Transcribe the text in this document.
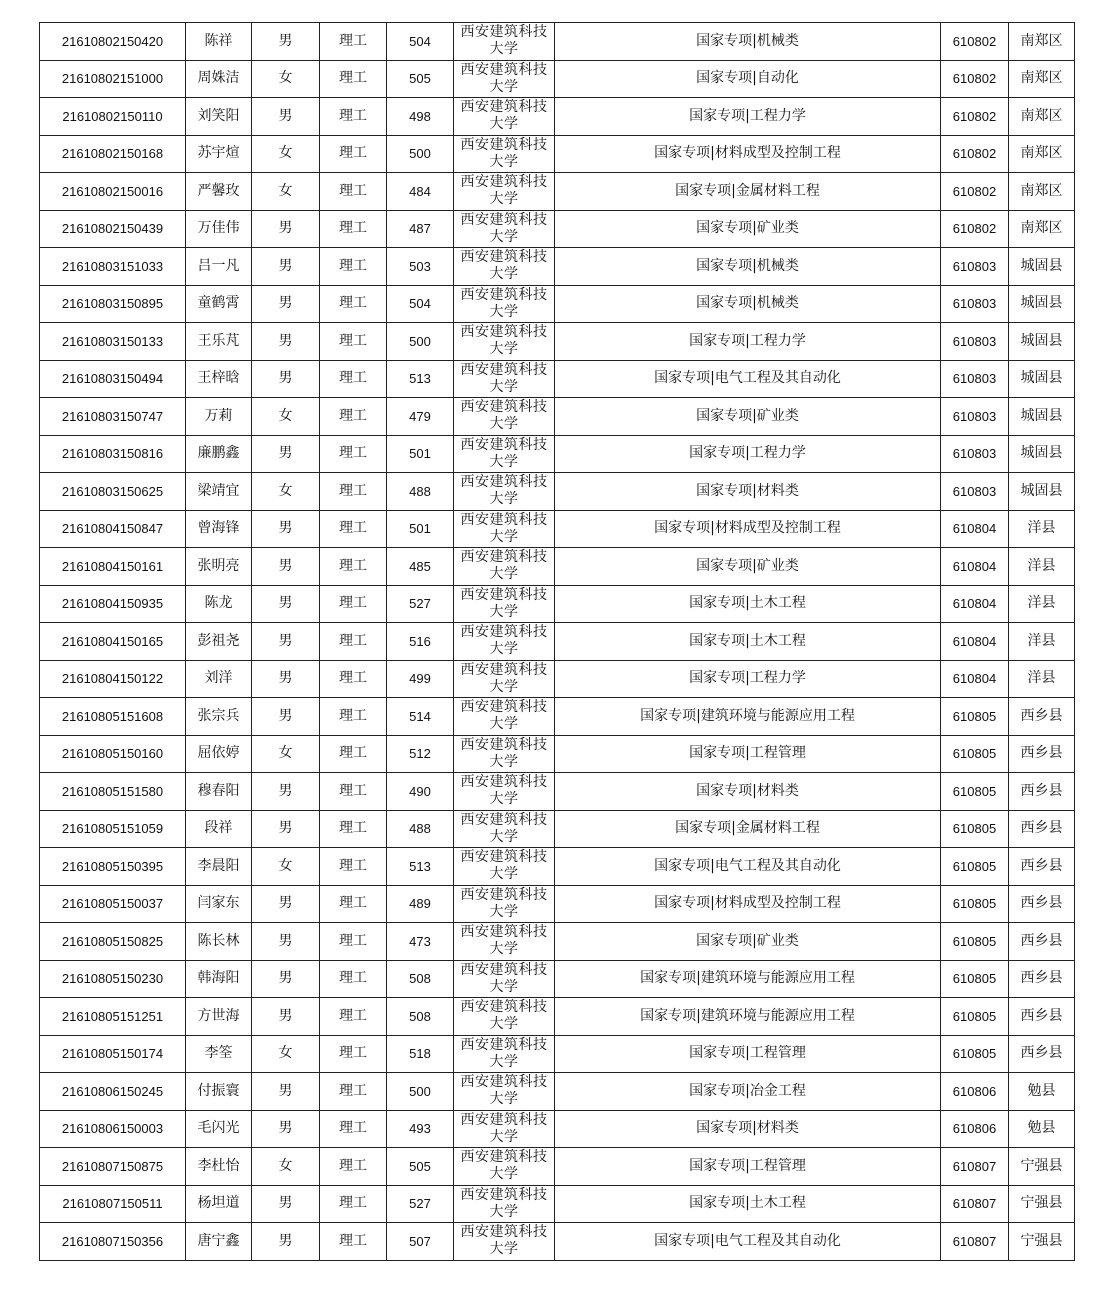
21610802150420	陈祥	男	理工	504	西安建筑科技
大学	国家专项|机械类	610802	南郑区
21610802151000	周姝洁	女	理工	505	西安建筑科技
大学	国家专项|自动化	610802	南郑区
21610802150110	刘笑阳	男	理工	498	西安建筑科技
大学	国家专项|工程力学	610802	南郑区
21610802150168	苏宇煊	女	理工	500	西安建筑科技
大学	国家专项|材料成型及控制工程	610802	南郑区
21610802150016	严馨玫	女	理工	484	西安建筑科技
大学	国家专项|金属材料工程	610802	南郑区
21610802150439	万佳伟	男	理工	487	西安建筑科技
大学	国家专项|矿业类	610802	南郑区
21610803151033	吕一凡	男	理工	503	西安建筑科技
大学	国家专项|机械类	610803	城固县
21610803150895	童鹤霄	男	理工	504	西安建筑科技
大学	国家专项|机械类	610803	城固县
21610803150133	王乐芃	男	理工	500	西安建筑科技
大学	国家专项|工程力学	610803	城固县
21610803150494	王梓晗	男	理工	513	西安建筑科技
大学	国家专项|电气工程及其自动化	610803	城固县
21610803150747	万莉	女	理工	479	西安建筑科技
大学	国家专项|矿业类	610803	城固县
21610803150816	廉鹏鑫	男	理工	501	西安建筑科技
大学	国家专项|工程力学	610803	城固县
21610803150625	梁靖宜	女	理工	488	西安建筑科技
大学	国家专项|材料类	610803	城固县
21610804150847	曾海锋	男	理工	501	西安建筑科技
大学	国家专项|材料成型及控制工程	610804	洋县
21610804150161	张明亮	男	理工	485	西安建筑科技
大学	国家专项|矿业类	610804	洋县
21610804150935	陈龙	男	理工	527	西安建筑科技
大学	国家专项|土木工程	610804	洋县
21610804150165	彭祖尧	男	理工	516	西安建筑科技
大学	国家专项|土木工程	610804	洋县
21610804150122	刘洋	男	理工	499	西安建筑科技
大学	国家专项|工程力学	610804	洋县
21610805151608	张宗兵	男	理工	514	西安建筑科技
大学	国家专项|建筑环境与能源应用工程	610805	西乡县
21610805150160	屈依婷	女	理工	512	西安建筑科技
大学	国家专项|工程管理	610805	西乡县
21610805151580	穆春阳	男	理工	490	西安建筑科技
大学	国家专项|材料类	610805	西乡县
21610805151059	段祥	男	理工	488	西安建筑科技
大学	国家专项|金属材料工程	610805	西乡县
21610805150395	李晨阳	女	理工	513	西安建筑科技
大学	国家专项|电气工程及其自动化	610805	西乡县
21610805150037	闫家东	男	理工	489	西安建筑科技
大学	国家专项|材料成型及控制工程	610805	西乡县
21610805150825	陈长林	男	理工	473	西安建筑科技
大学	国家专项|矿业类	610805	西乡县
21610805150230	韩海阳	男	理工	508	西安建筑科技
大学	国家专项|建筑环境与能源应用工程	610805	西乡县
21610805151251	方世海	男	理工	508	西安建筑科技
大学	国家专项|建筑环境与能源应用工程	610805	西乡县
21610805150174	李筌	女	理工	518	西安建筑科技
大学	国家专项|工程管理	610805	西乡县
21610806150245	付振寰	男	理工	500	西安建筑科技
大学	国家专项|冶金工程	610806	勉县
21610806150003	毛闪光	男	理工	493	西安建筑科技
大学	国家专项|材料类	610806	勉县
21610807150875	李杜怡	女	理工	505	西安建筑科技
大学	国家专项|工程管理	610807	宁强县
21610807150511	杨坦道	男	理工	527	西安建筑科技
大学	国家专项|土木工程	610807	宁强县
21610807150356	唐宁鑫	男	理工	507	西安建筑科技
大学	国家专项|电气工程及其自动化	610807	宁强县
